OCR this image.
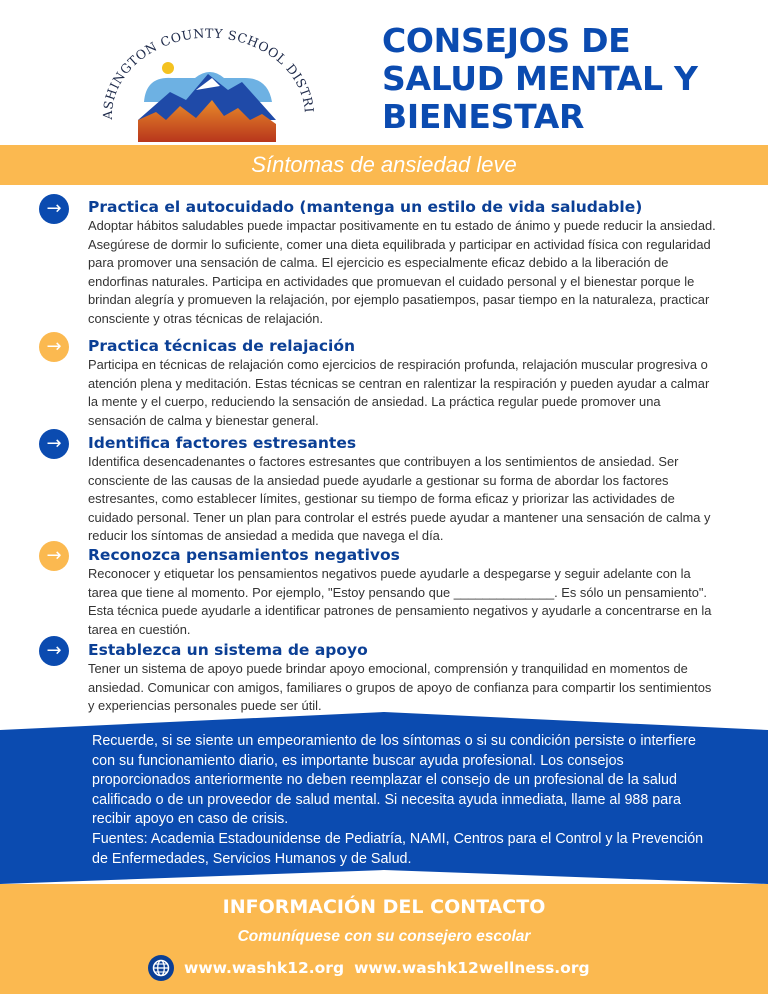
ASHINGTON COUNTY SCHOOL DISTR
CONSEJOS DE
SALUD MENTAL Y
BIENESTAR
Síntomas de ansiedad leve
→	Practica el autocuidado (mantenga un estilo de vida saludable)
Adoptar hábitos saludables puede impactar positivamente en tu estado de ánimo y puede reducir la ansiedad. Asegúrese de dormir lo suficiente, comer una dieta equilibrada y participar en actividad física con regularidad para promover una sensación de calma. El ejercicio es especialmente eficaz debido a la liberación de endorfinas naturales. Participa en actividades que promuevan el cuidado personal y el bienestar porque le brindan alegría y promueven la relajación, por ejemplo pasatiempos, pasar tiempo en la naturaleza, practicar consciente y otras técnicas de relajación.
→	Practica técnicas de relajación
Participa en técnicas de relajación como ejercicios de respiración profunda, relajación muscular progresiva o atención plena y meditación. Estas técnicas se centran en ralentizar la respiración y pueden ayudar a calmar la mente y el cuerpo, reduciendo la sensación de ansiedad. La práctica regular puede promover una sensación de calma y bienestar general.
→	Identifica factores estresantes
Identifica desencadenantes o factores estresantes que contribuyen a los sentimientos de ansiedad. Ser consciente de las causas de la ansiedad puede ayudarle a gestionar su forma de abordar los factores estresantes, como establecer límites, gestionar su tiempo de forma eficaz y priorizar las actividades de cuidado personal. Tener un plan para controlar el estrés puede ayudar a mantener una sensación de calma y reducir los síntomas de ansiedad a medida que navega el día.
→	Reconozca pensamientos negativos
Reconocer y etiquetar los pensamientos negativos puede ayudarle a despegarse y seguir adelante con la tarea que tiene al momento. Por ejemplo, "Estoy pensando que ______________. Es sólo un pensamiento". Esta técnica puede ayudarle a identificar patrones de pensamiento negativos y ayudarle a concentrarse en la tarea en cuestión.
→	Establezca un sistema de apoyo
Tener un sistema de apoyo puede brindar apoyo emocional, comprensión y tranquilidad en momentos de ansiedad. Comunicar con amigos, familiares o grupos de apoyo de confianza para compartir los sentimientos y experiencias personales puede ser útil.
Recuerde, si se siente un empeoramiento de los síntomas o si su condición persiste o interfiere con su funcionamiento diario, es importante buscar ayuda profesional. Los consejos proporcionados anteriormente no deben reemplazar el consejo de un profesional de la salud calificado o de un proveedor de salud mental. Si necesita ayuda inmediata, llame al 988 para recibir apoyo en caso de crisis.
Fuentes: Academia Estadounidense de Pediatría, NAMI, Centros para el Control y la Prevención de Enfermedades, Servicios Humanos y de Salud.
INFORMACIÓN DEL CONTACTO
Comuníquese con su consejero escolar
www.washk12.org www.washk12wellness.org
